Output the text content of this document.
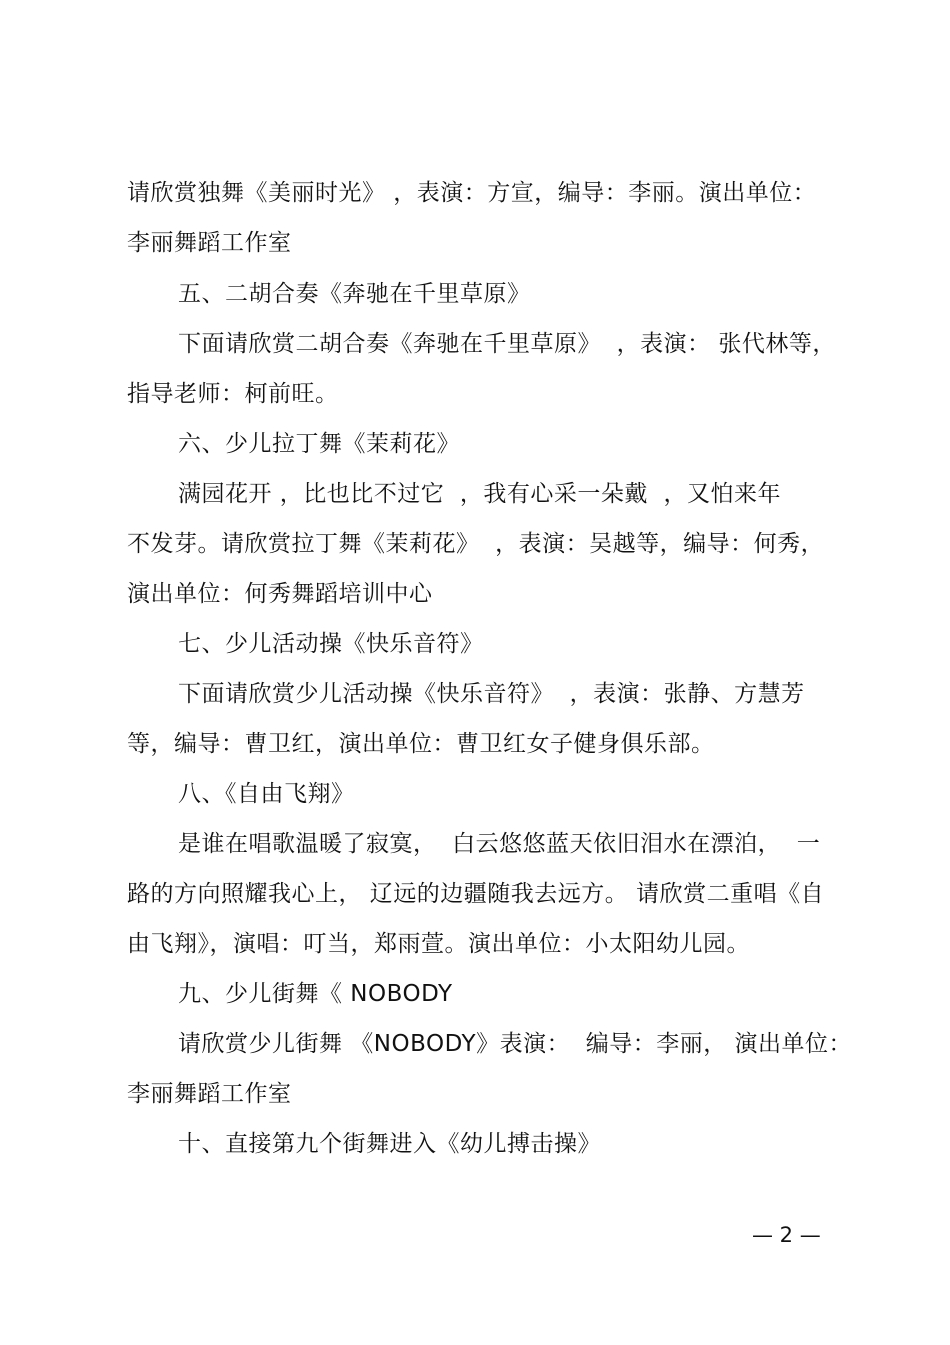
请欣赏独舞《美丽时光》 ，表演：方宣，编导：李丽。演出单位：
李丽舞蹈工作室
五、二胡合奏《奔驰在千里草原》
下面请欣赏二胡合奏《奔驰在千里草原》  ，表演： 张代林等，
指导老师：柯前旺。
六、少儿拉丁舞《茉莉花》
满园花开 ，比也比不过它  ，我有心采一朵戴  ，又怕来年
不发芽。请欣赏拉丁舞《茉莉花》  ，表演：吴越等，编导：何秀，
演出单位：何秀舞蹈培训中心
七、少儿活动操《快乐音符》
下面请欣赏少儿活动操《快乐音符》  ，表演：张静、方慧芳
等，编导：曹卫红，演出单位：曹卫红女子健身俱乐部。
八、《自由飞翔》
是谁在唱歌温暖了寂寞，  白云悠悠蓝天依旧泪水在漂泊，  一
路的方向照耀我心上， 辽远的边疆随我去远方。 请欣赏二重唱《自
由飞翔》，演唱：叮当，郑雨萱。演出单位：小太阳幼儿园。
九、少儿街舞《 NOBODY
请欣赏少儿街舞 《NOBODY》表演：  编导：李丽， 演出单位：
李丽舞蹈工作室
十、直接第九个街舞进入《幼儿搏击操》
— 2 —
